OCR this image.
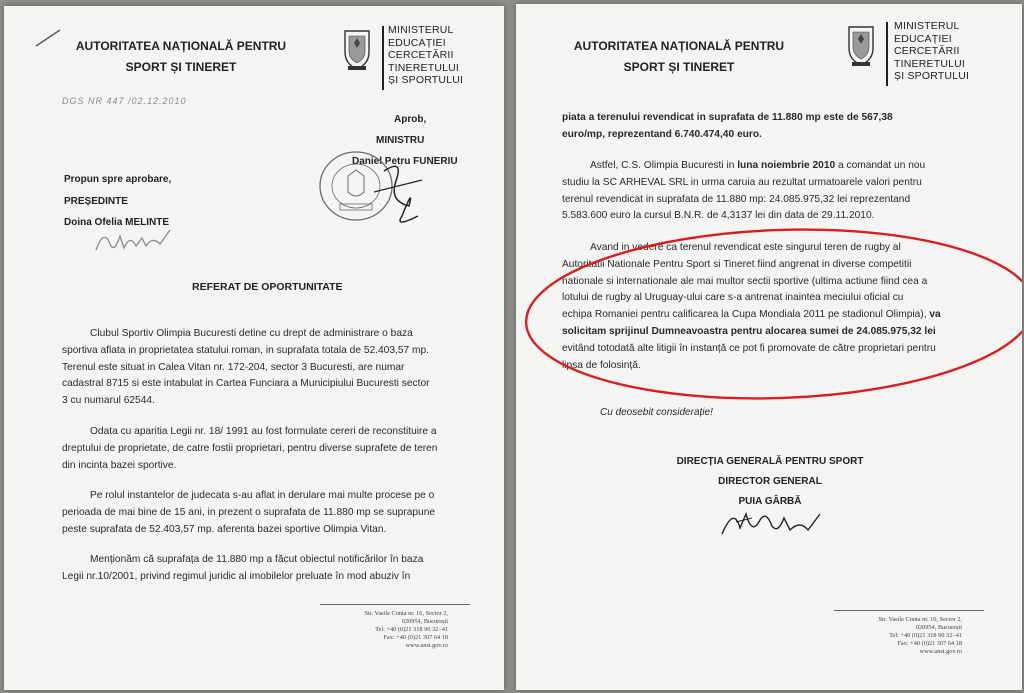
AUTORITATEA NAȚIONALĂ PENTRU
SPORT ȘI TINERET
MINISTERUL
EDUCAȚIEI
CERCETĂRII
TINERETULUI
ȘI SPORTULUI
DGS NR 447 /02.12.2010
Aprob,
MINISTRU
Daniel Petru FUNERIU
Propun spre aprobare,
PREȘEDINTE
Doina Ofelia MELINTE
REFERAT DE OPORTUNITATE
Clubul Sportiv Olimpia Bucuresti detine cu drept de administrare o baza
sportiva aflata in proprietatea statului roman, in suprafata totala de 52.403,57 mp.
Terenul este situat in Calea Vitan nr. 172-204, sector 3 Bucuresti, are numar
cadastral 8715 si este intabulat in Cartea Funciara a Municipiului Bucuresti sector
3 cu numarul 62544.
Odata cu aparitia Legii nr. 18/ 1991 au fost formulate cereri de reconstituire a
dreptului de proprietate, de catre fostii proprietari, pentru diverse suprafete de teren
din incinta bazei sportive.
Pe rolul instantelor de judecata s-au aflat in derulare mai multe procese pe o
perioada de mai bine de 15 ani, in prezent o suprafata de 11.880 mp se suprapune
peste suprafata de 52.403,57 mp. aferenta bazei sportive Olimpia Vitan.
Menționăm că suprafața de 11.880 mp a făcut obiectul notificărilor în baza
Legii nr.10/2001, privind regimul juridic al imobilelor preluate în mod abuziv în
Str. Vasile Conta nr. 16, Sector 2,
020954, București
Tel: +40 (0)21 318 90 32÷41
Fax: +40 (0)21 307 64 18
www.anst.gov.ro
AUTORITATEA NAȚIONALĂ PENTRU
SPORT ȘI TINERET
MINISTERUL
EDUCAȚIEI
CERCETĂRII
TINERETULUI
ȘI SPORTULUI
piata a terenului revendicat in suprafata de 11.880 mp este de 567,38
euro/mp, reprezentand 6.740.474,40 euro.
Astfel, C.S. Olimpia Bucuresti in luna noiembrie 2010 a comandat un nou
studiu la SC ARHEVAL SRL in urma caruia au rezultat urmatoarele valori pentru
terenul revendicat in suprafata de 11.880 mp: 24.085.975,32 lei reprezentand
5.583.600 euro la cursul B.N.R. de 4,3137 lei din data de 29.11.2010.
Avand in vedere ca terenul revendicat este singurul teren de rugby al
Autoritatii Nationale Pentru Sport si Tineret fiind angrenat in diverse competitii
nationale si internationale ale mai multor sectii sportive (ultima actiune fiind cea a
lotului de rugby al Uruguay-ului care s-a antrenat inaintea meciului oficial cu
echipa Romaniei pentru calificarea la Cupa Mondiala 2011 pe stadionul Olimpia), va
solicitam sprijinul Dumneavoastra pentru alocarea sumei de 24.085.975,32 lei
evitând totodată alte litigii în instanță ce pot fi promovate de către proprietari pentru
lipsa de folosință.
Cu deosebit considerație!
DIRECȚIA GENERALĂ PENTRU SPORT
DIRECTOR GENERAL
PUIA GÂRBĂ
Str. Vasile Conta nr. 16, Sector 2,
020954, București
Tel: +40 (0)21 318 90 32÷41
Fax: +40 (0)21 307 64 18
www.anst.gov.ro
